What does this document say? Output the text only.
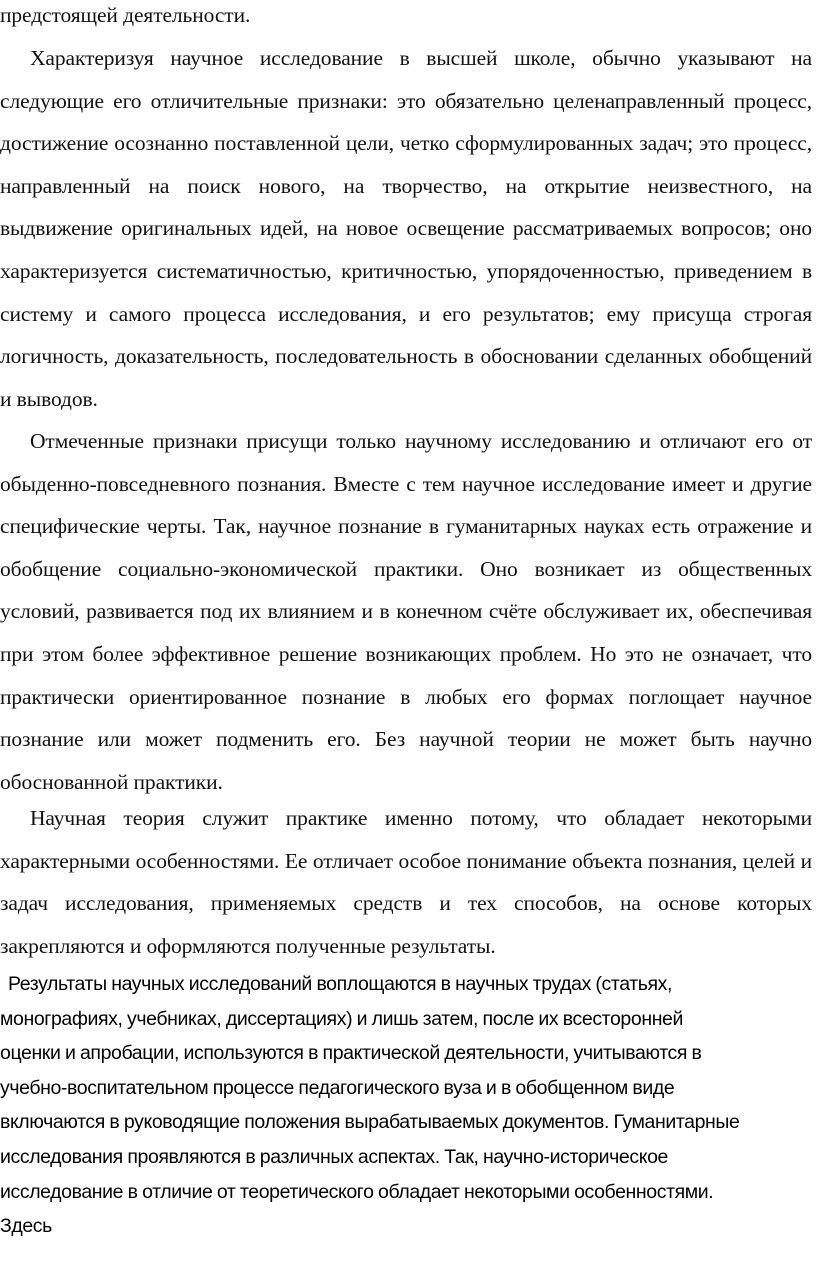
предстоящей деятельности.

Характеризуя научное исследование в высшей школе, обычно указывают на следующие его отличительные признаки: это обязательно целенаправленный процесс, достижение осознанно поставленной цели, четко сформулированных задач; это процесс, направленный на поиск нового, на творчество, на открытие неизвестного, на выдвижение оригинальных идей, на новое освещение рассматриваемых вопросов; оно характеризуется систематичностью, критичностью, упорядоченностью, приведением в систему и самого процесса исследования, и его результатов; ему присуща строгая логичность, доказательность, последовательность в обосновании сделанных обобщений и выводов.

Отмеченные признаки присущи только научному исследованию и отличают его от обыденно-повседневного познания. Вместе с тем научное исследование имеет и другие специфические черты. Так, научное познание в гуманитарных науках есть отражение и обобщение социально-экономической практики. Оно возникает из общественных условий, развивается под их влиянием и в конечном счёте обслуживает их, обеспечивая при этом более эффективное решение возникающих проблем. Но это не означает, что практически ориентированное познание в любых его формах поглощает научное познание или может подменить его. Без научной теории не может быть научно обоснованной практики.

Научная теория служит практике именно потому, что обладает некоторыми характерными особенностями. Ее отличает особое понимание объекта познания, целей и задач исследования, применяемых средств и тех способов, на основе которых закрепляются и оформляются полученные результаты.

Результаты научных исследований воплощаются в научных трудах (статьях,
монографиях, учебниках, диссертациях) и лишь затем, после их всесторонней
оценки и апробации, используются в практической деятельности, учитываются в
учебно-воспитательном процессе педагогического вуза и в обобщенном виде
включаются в руководящие положения вырабатываемых документов. Гуманитарные
исследования проявляются в различных аспектах. Так, научно-историческое
исследование в отличие от теоретического обладает некоторыми особенностями.
Здесь
